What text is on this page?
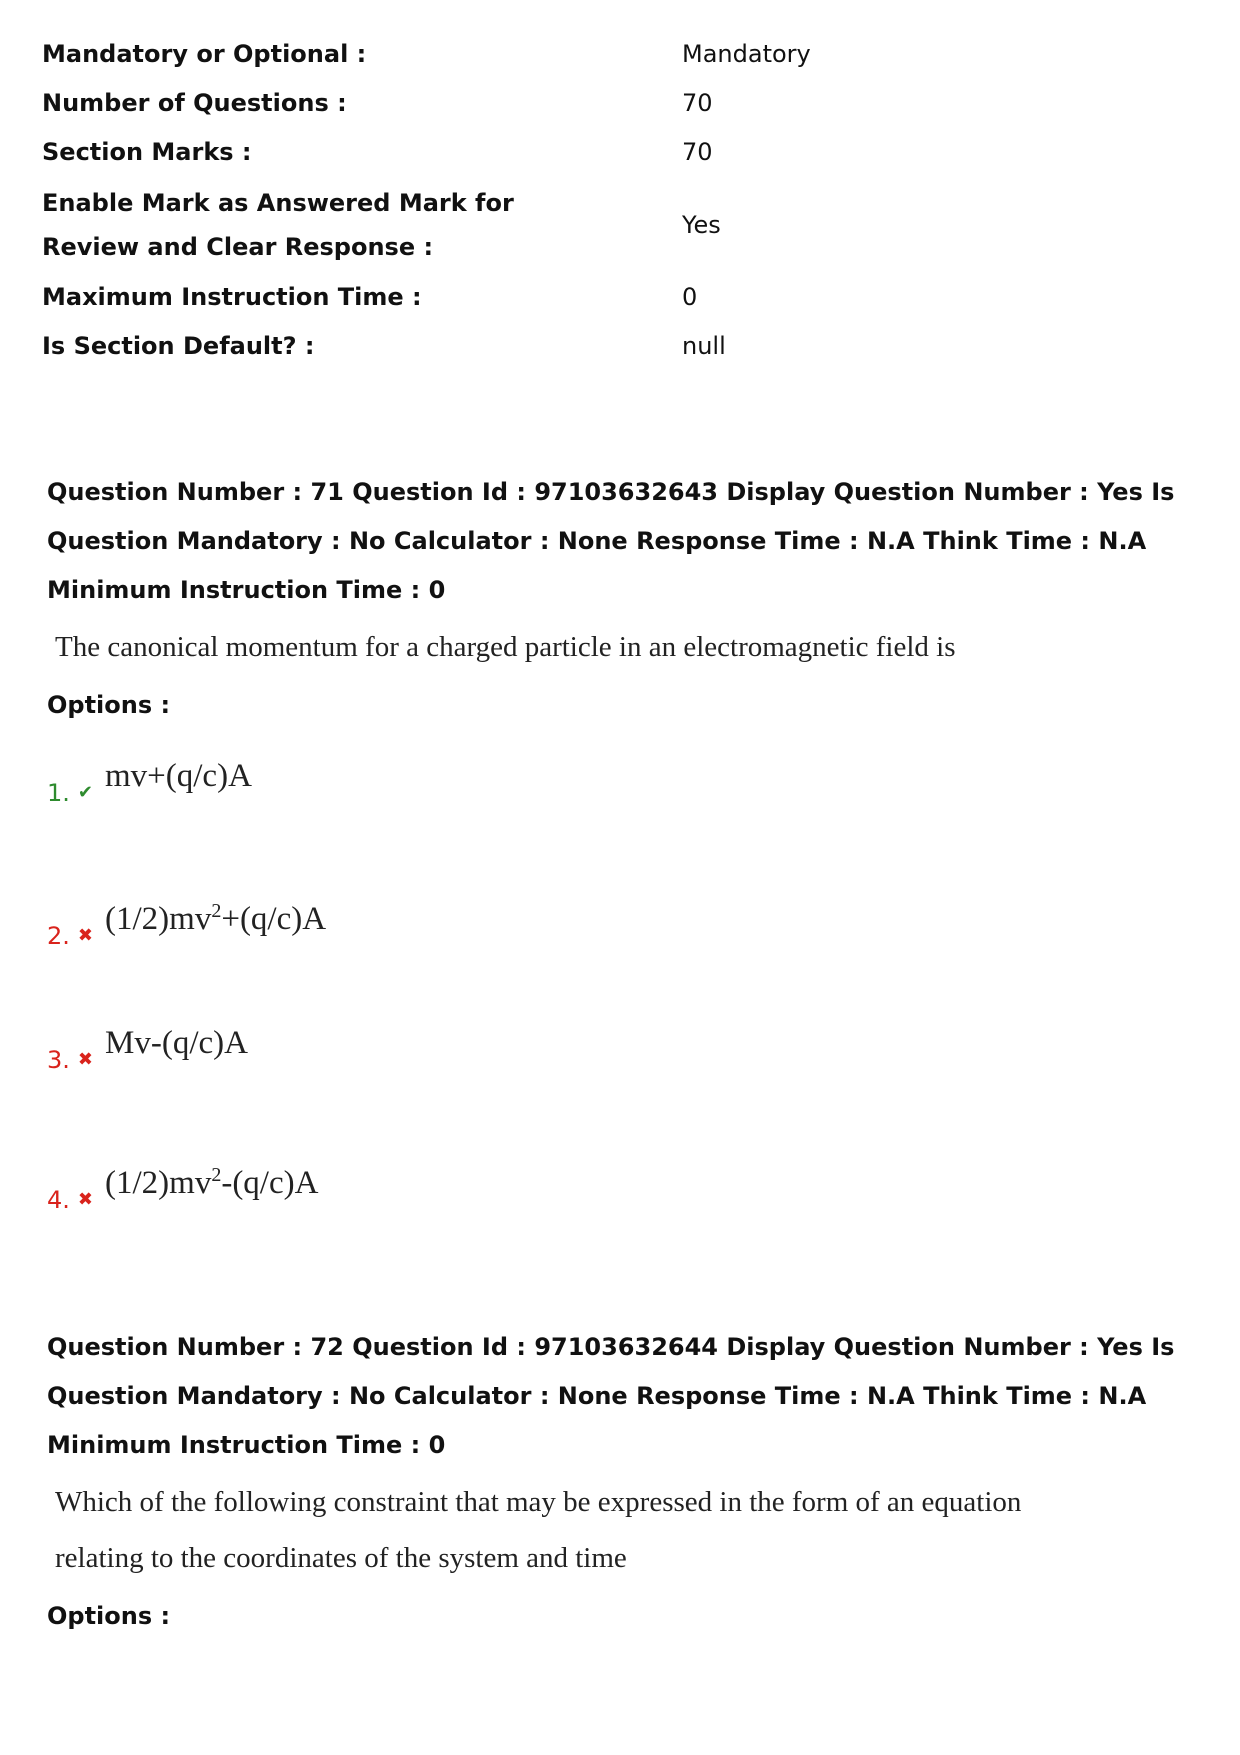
Mandatory or Optional :	Mandatory
Number of Questions :	70
Section Marks :	70
Enable Mark as Answered Mark for Review and Clear Response :
Yes
Maximum Instruction Time :	0
Is Section Default? :	null

Question Number : 71 Question Id : 97103632643 Display Question Number : Yes Is Question Mandatory : No Calculator : None Response Time : N.A Think Time : N.A Minimum Instruction Time : 0

The canonical momentum for a charged particle in an electromagnetic field is
Options :
1. ✔ mv+(q/c)A
2. ✖ $(1/2)mv^2+(q/c)A$
3. ✖ Mv-(q/c)A
4. ✖ $(1/2)mv^2-(q/c)A$

Question Number : 72 Question Id : 97103632644 Display Question Number : Yes Is Question Mandatory : No Calculator : None Response Time : N.A Think Time : N.A Minimum Instruction Time : 0

Which of the following constraint that may be expressed in the form of an equation
relating to the coordinates of the system and time
Options :
